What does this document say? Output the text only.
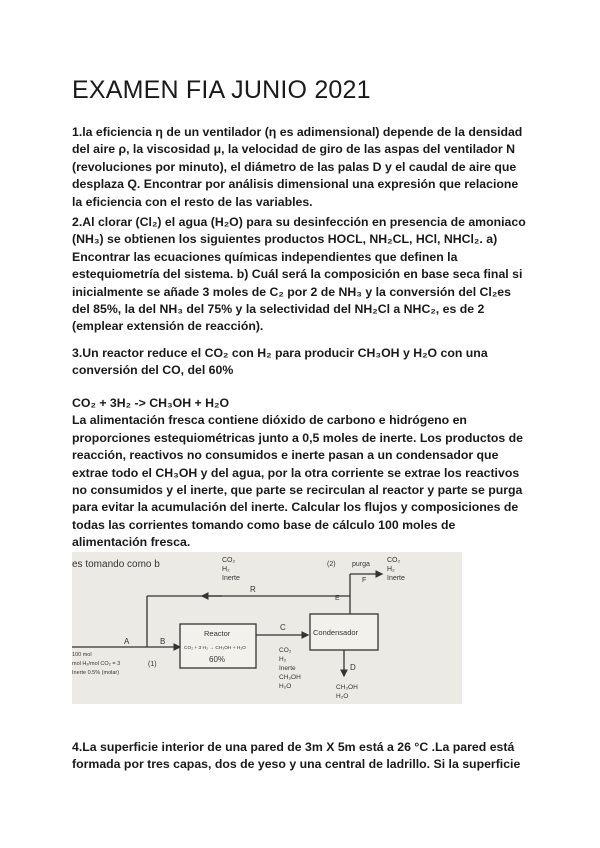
EXAMEN FIA JUNIO 2021

1.la eficiencia η de un ventilador (η es adimensional) depende de la densidad del aire ρ, la viscosidad μ, la velocidad de giro de las aspas del ventilador N (revoluciones por minuto), el diámetro de las palas D y el caudal de aire que desplaza Q. Encontrar por análisis dimensional una expresión que relacione la eficiencia con el resto de las variables.

2.Al clorar (Cl₂) el agua (H₂O) para su desinfección en presencia de amoniaco (NH₃) se obtienen los siguientes productos HOCL, NH₂CL, HCl, NHCl₂. a) Encontrar las ecuaciones químicas independientes que definen la estequiometría del sistema. b) Cuál será la composición en base seca final si inicialmente se añade 3 moles de C₂ por 2 de NH₃ y la conversión del Cl₂es del 85%, la del NH₃ del 75% y la selectividad del NH₂Cl a NHC₂, es de 2 (emplear extensión de reacción).

3.Un reactor reduce el CO₂ con H₂ para producir CH₃OH y H₂O con una conversión del CO, del 60%

CO₂ + 3H₂ -> CH₃OH + H₂O
La alimentación fresca contiene dióxido de carbono e hidrógeno en proporciones estequiométricas junto a 0,5 moles de inerte. Los productos de reacción, reactivos no consumidos e inerte pasan a un condensador que extrae todo el CH₃OH y del agua, por la otra corriente se extrae los reactivos no consumidos y el inerte, que parte se recirculan al reactor y parte se purga para evitar la acumulación del inerte. Calcular los flujos y composiciones de todas las corrientes tomando como base de cálculo 100 moles de alimentación fresca.
es tomando como b	CO₂
H₂
Inerte
R
(2) purga
F
E
CO₂
H₂
Inerte
A	B
(1)
100 mol
mol H₂/mol CO₂ = 3
Inerte 0.5% (molar)
Reactor
CO₂ + 3 H₂ → CH₃OH + H₂O
60%
C
CO₂
H₂
Inerte
CH₃OH
H₂O
Condensador
D
CH₃OH
H₂O

4.La superficie interior de una pared de 3m X 5m está a 26 °C .La pared está formada por tres capas, dos de yeso y una central de ladrillo. Si la superficie
